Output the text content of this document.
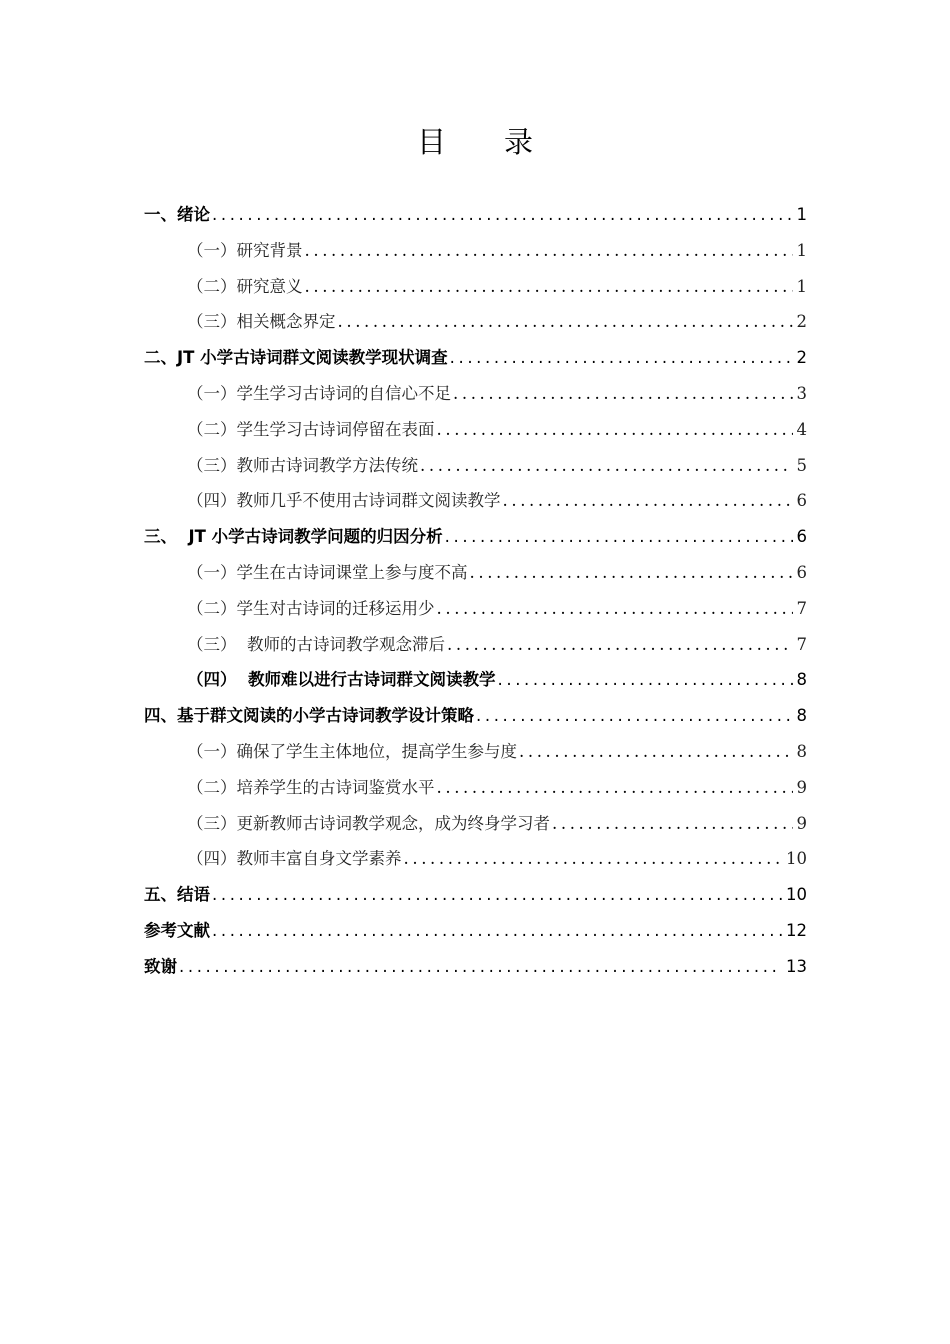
目录
一、绪论 .....	1
（一）研究背景 .....	1
（二）研究意义 .....	1
（三）相关概念界定 .....	2
二、JT 小学古诗词群文阅读教学现状调查 .....	2
（一）学生学习古诗词的自信心不足 .....	3
（二）学生学习古诗词停留在表面 .....	4
（三）教师古诗词教学方法传统 .....	5
（四）教师几乎不使用古诗词群文阅读教学 .....	6
三、  JT 小学古诗词教学问题的归因分析 .....	6
（一）学生在古诗词课堂上参与度不高 .....	6
（二）学生对古诗词的迁移运用少 .....	7
（三）  教师的古诗词教学观念滞后 .....	7
（四）  教师难以进行古诗词群文阅读教学 .....	8
四、基于群文阅读的小学古诗词教学设计策略 .....	8
（一）确保了学生主体地位，提高学生参与度 .....	8
（二）培养学生的古诗词鉴赏水平 .....	9
（三）更新教师古诗词教学观念，成为终身学习者 .....	9
（四）教师丰富自身文学素养 .....	10
五、结语 .....	10
参考文献 .....	12
致谢 .....	13
